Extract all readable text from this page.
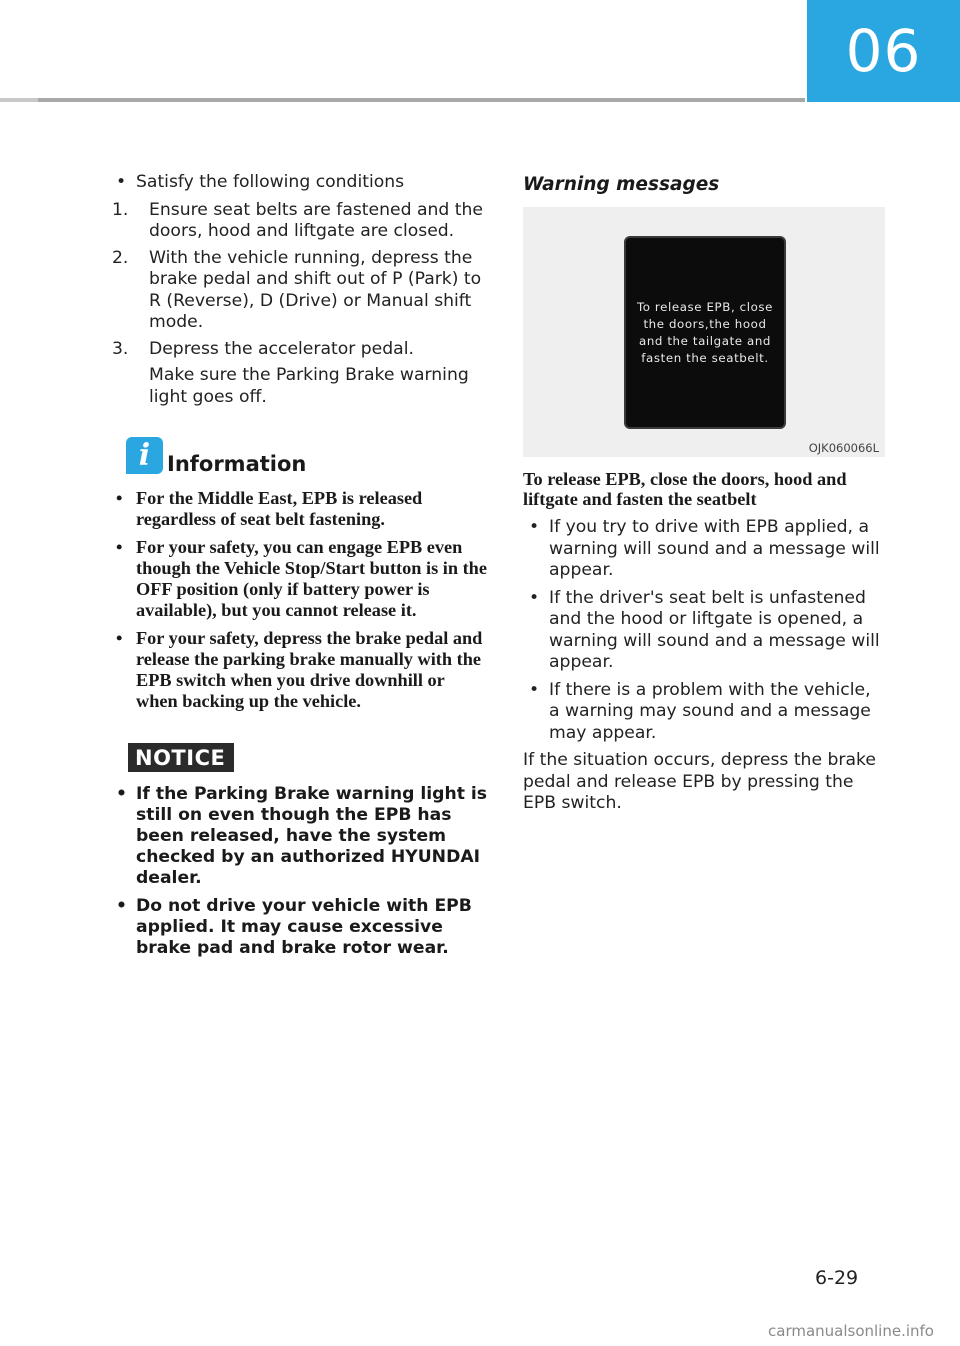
06
• Satisfy the following conditions
1. Ensure seat belts are fastened and the doors, hood and liftgate are closed.
2. With the vehicle running, depress the brake pedal and shift out of P (Park) to R (Reverse), D (Drive) or Manual shift mode.
3. Depress the accelerator pedal.

Make sure the Parking Brake warning light goes off.

i Information
• For the Middle East, EPB is released regardless of seat belt fastening.
• For your safety, you can engage EPB even though the Vehicle Stop/Start button is in the OFF position (only if battery power is available), but you cannot release it.
• For your safety, depress the brake pedal and release the parking brake manually with the EPB switch when you drive downhill or when backing up the vehicle.
NOTICE
• If the Parking Brake warning light is still on even though the EPB has been released, have the system checked by an authorized HYUNDAI dealer.
• Do not drive your vehicle with EPB applied. It may cause excessive brake pad and brake rotor wear.
Warning messages

To release EPB, close the doors,the hood and the tailgate and fasten the seatbelt.

OJK060066L

To release EPB, close the doors, hood and liftgate and fasten the seatbelt

• If you try to drive with EPB applied, a warning will sound and a message will appear.
• If the driver's seat belt is unfastened and the hood or liftgate is opened, a warning will sound and a message will appear.
• If there is a problem with the vehicle, a warning may sound and a message may appear.

If the situation occurs, depress the brake pedal and release EPB by pressing the EPB switch.

6-29
carmanualsonline.info
